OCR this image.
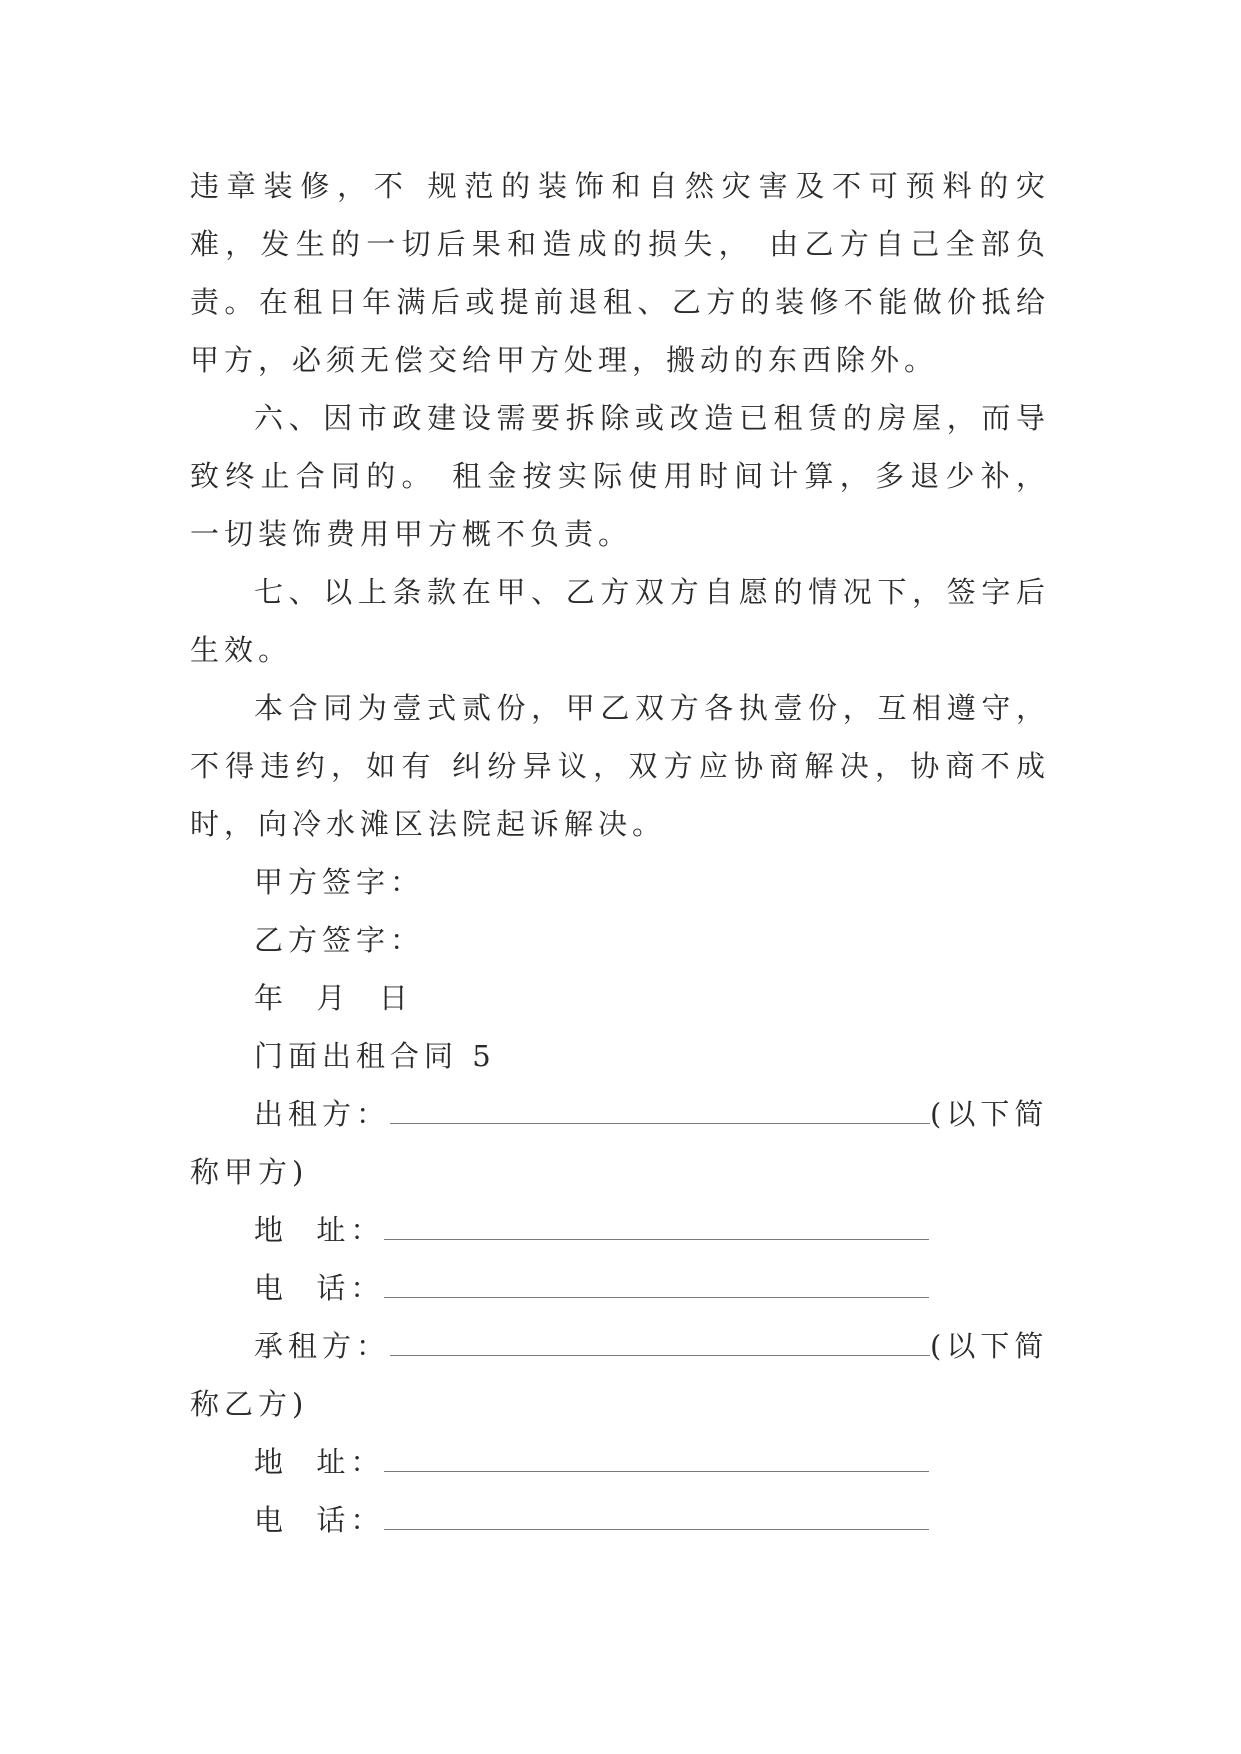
违章装修，不 规范的装饰和自然灾害及不可预料的灾难，发生的一切后果和造成的损失， 由乙方自己全部负责。在租日年满后或提前退租、乙方的装修不能做价抵给甲方，必须无偿交给甲方处理，搬动的东西除外。

六、因市政建设需要拆除或改造已租赁的房屋，而导致终止合同的。 租金按实际使用时间计算，多退少补，一切装饰费用甲方概不负责。

七、以上条款在甲、乙方双方自愿的情况下，签字后生效。

本合同为壹式贰份，甲乙双方各执壹份，互相遵守，不得违约，如有 纠纷异议，双方应协商解决，协商不成时，向冷水滩区法院起诉解决。

甲方签字：

乙方签字：

年  月  日

门面出租合同 5

出租方：	(以下简

称甲方)

地  址：

电  话：

承租方：	(以下简

称乙方)

地  址：

电  话：
